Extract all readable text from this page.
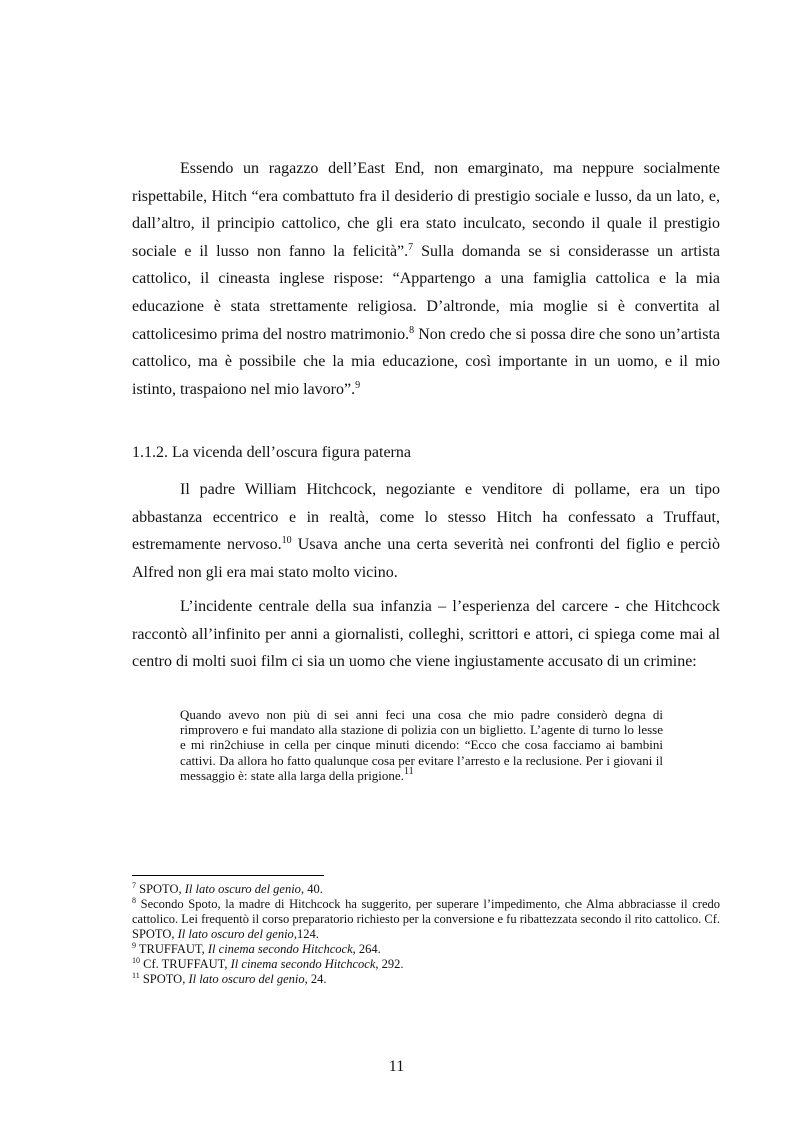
Essendo un ragazzo dell’East End, non emarginato, ma neppure socialmente rispettabile, Hitch “era combattuto fra il desiderio di prestigio sociale e lusso, da un lato, e, dall’altro, il principio cattolico, che gli era stato inculcato, secondo il quale il prestigio sociale e il lusso non fanno la felicità”.$^7$ Sulla domanda se si considerasse un artista cattolico, il cineasta inglese rispose: “Appartengo a una famiglia cattolica e la mia educazione è stata strettamente religiosa. D’altronde, mia moglie si è convertita al cattolicesimo prima del nostro matrimonio.$^8$ Non credo che si possa dire che sono un’artista cattolico, ma è possibile che la mia educazione, così importante in un uomo, e il mio istinto, traspaiono nel mio lavoro”.$^9$

1.1.2. La vicenda dell’oscura figura paterna

Il padre William Hitchcock, negoziante e venditore di pollame, era un tipo abbastanza eccentrico e in realtà, come lo stesso Hitch ha confessato a Truffaut, estremamente nervoso.$^{10}$ Usava anche una certa severità nei confronti del figlio e perciò Alfred non gli era mai stato molto vicino.

L’incidente centrale della sua infanzia – l’esperienza del carcere - che Hitchcock raccontò all’infinito per anni a giornalisti, colleghi, scrittori e attori, ci spiega come mai al centro di molti suoi film ci sia un uomo che viene ingiustamente accusato di un crimine:

Quando avevo non più di sei anni feci una cosa che mio padre considerò degna di rimprovero e fui mandato alla stazione di polizia con un biglietto. L’agente di turno lo lesse e mi rin2chiuse in cella per cinque minuti dicendo: “Ecco che cosa facciamo ai bambini cattivi. Da allora ho fatto qualunque cosa per evitare l’arresto e la reclusione. Per i giovani il messaggio è: state alla larga della prigione.$^{11}$

$^7$ SPOTO, Il lato oscuro del genio, 40.

$^8$ Secondo Spoto, la madre di Hitchcock ha suggerito, per superare l’impedimento, che Alma abbraciasse il credo cattolico. Lei frequentò il corso preparatorio richiesto per la conversione e fu ribattezzata secondo il rito cattolico. Cf. SPOTO, Il lato oscuro del genio,124.

$^9$ TRUFFAUT, Il cinema secondo Hitchcock, 264.

$^{10}$ Cf. TRUFFAUT, Il cinema secondo Hitchcock, 292.

$^{11}$ SPOTO, Il lato oscuro del genio, 24.

11
